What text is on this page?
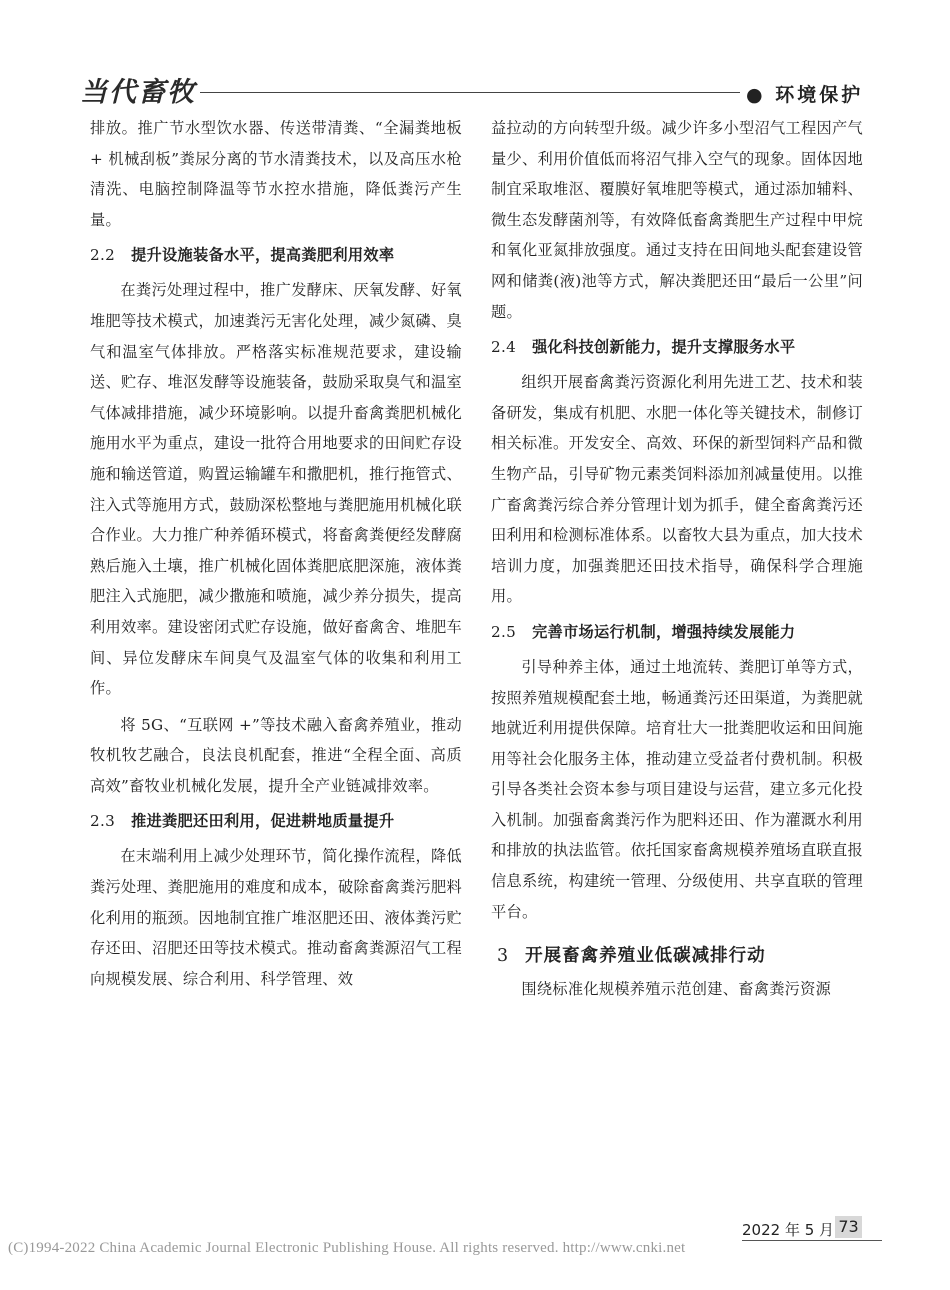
当代畜牧	● 环境保护

排放。推广节水型饮水器、传送带清粪、“全漏粪地板 + 机械刮板”粪尿分离的节水清粪技术，以及高压水枪清洗、电脑控制降温等节水控水措施，降低粪污产生量。

2.2 提升设施装备水平，提高粪肥利用效率

在粪污处理过程中，推广发酵床、厌氧发酵、好氧堆肥等技术模式，加速粪污无害化处理，减少氮磷、臭气和温室气体排放。严格落实标准规范要求，建设输送、贮存、堆沤发酵等设施装备，鼓励采取臭气和温室气体减排措施，减少环境影响。以提升畜禽粪肥机械化施用水平为重点，建设一批符合用地要求的田间贮存设施和输送管道，购置运输罐车和撒肥机，推行拖管式、注入式等施用方式，鼓励深松整地与粪肥施用机械化联合作业。大力推广种养循环模式，将畜禽粪便经发酵腐熟后施入土壤，推广机械化固体粪肥底肥深施，液体粪肥注入式施肥，减少撒施和喷施，减少养分损失，提高利用效率。建设密闭式贮存设施，做好畜禽舍、堆肥车间、异位发酵床车间臭气及温室气体的收集和利用工作。

将 5G、“互联网 +”等技术融入畜禽养殖业，推动牧机牧艺融合，良法良机配套，推进“全程全面、高质高效”畜牧业机械化发展，提升全产业链减排效率。

2.3 推进粪肥还田利用，促进耕地质量提升

在末端利用上减少处理环节，简化操作流程，降低粪污处理、粪肥施用的难度和成本，破除畜禽粪污肥料化利用的瓶颈。因地制宜推广堆沤肥还田、液体粪污贮存还田、沼肥还田等技术模式。推动畜禽粪源沼气工程向规模发展、综合利用、科学管理、效

益拉动的方向转型升级。减少许多小型沼气工程因产气量少、利用价值低而将沼气排入空气的现象。固体因地制宜采取堆沤、覆膜好氧堆肥等模式，通过添加辅料、微生态发酵菌剂等，有效降低畜禽粪肥生产过程中甲烷和氧化亚氮排放强度。通过支持在田间地头配套建设管网和储粪(液)池等方式，解决粪肥还田“最后一公里”问题。

2.4 强化科技创新能力，提升支撑服务水平

组织开展畜禽粪污资源化利用先进工艺、技术和装备研发，集成有机肥、水肥一体化等关键技术，制修订相关标准。开发安全、高效、环保的新型饲料产品和微生物产品，引导矿物元素类饲料添加剂减量使用。以推广畜禽粪污综合养分管理计划为抓手，健全畜禽粪污还田利用和检测标准体系。以畜牧大县为重点，加大技术培训力度，加强粪肥还田技术指导，确保科学合理施用。

2.5 完善市场运行机制，增强持续发展能力

引导种养主体，通过土地流转、粪肥订单等方式，按照养殖规模配套土地，畅通粪污还田渠道，为粪肥就地就近利用提供保障。培育壮大一批粪肥收运和田间施用等社会化服务主体，推动建立受益者付费机制。积极引导各类社会资本参与项目建设与运营，建立多元化投入机制。加强畜禽粪污作为肥料还田、作为灌溉水利用和排放的执法监管。依托国家畜禽规模养殖场直联直报信息系统，构建统一管理、分级使用、共享直联的管理平台。

3 开展畜禽养殖业低碳减排行动

围绕标准化规模养殖示范创建、畜禽粪污资源

2022 年 5 月 73
(C)1994-2022 China Academic Journal Electronic Publishing House. All rights reserved. http://www.cnki.net
